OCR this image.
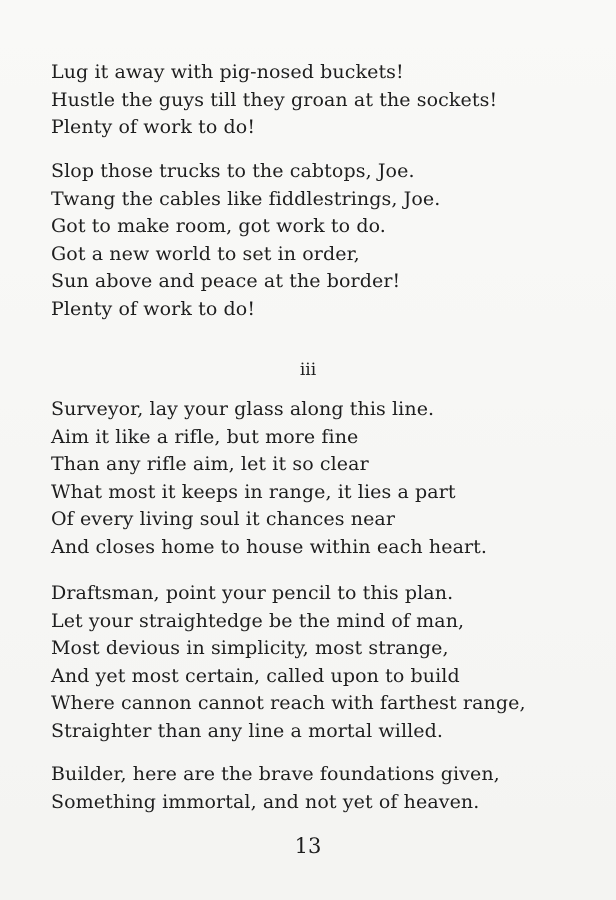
Lug it away with pig-nosed buckets!
Hustle the guys till they groan at the sockets!
Plenty of work to do!
Slop those trucks to the cabtops, Joe.
Twang the cables like fiddlestrings, Joe.
Got to make room, got work to do.
Got a new world to set in order,
Sun above and peace at the border!
Plenty of work to do!
iii
Surveyor, lay your glass along this line.
Aim it like a rifle, but more fine
Than any rifle aim, let it so clear
What most it keeps in range, it lies a part
Of every living soul it chances near
And closes home to house within each heart.
Draftsman, point your pencil to this plan.
Let your straightedge be the mind of man,
Most devious in simplicity, most strange,
And yet most certain, called upon to build
Where cannon cannot reach with farthest range,
Straighter than any line a mortal willed.
Builder, here are the brave foundations given,
Something immortal, and not yet of heaven.
13
